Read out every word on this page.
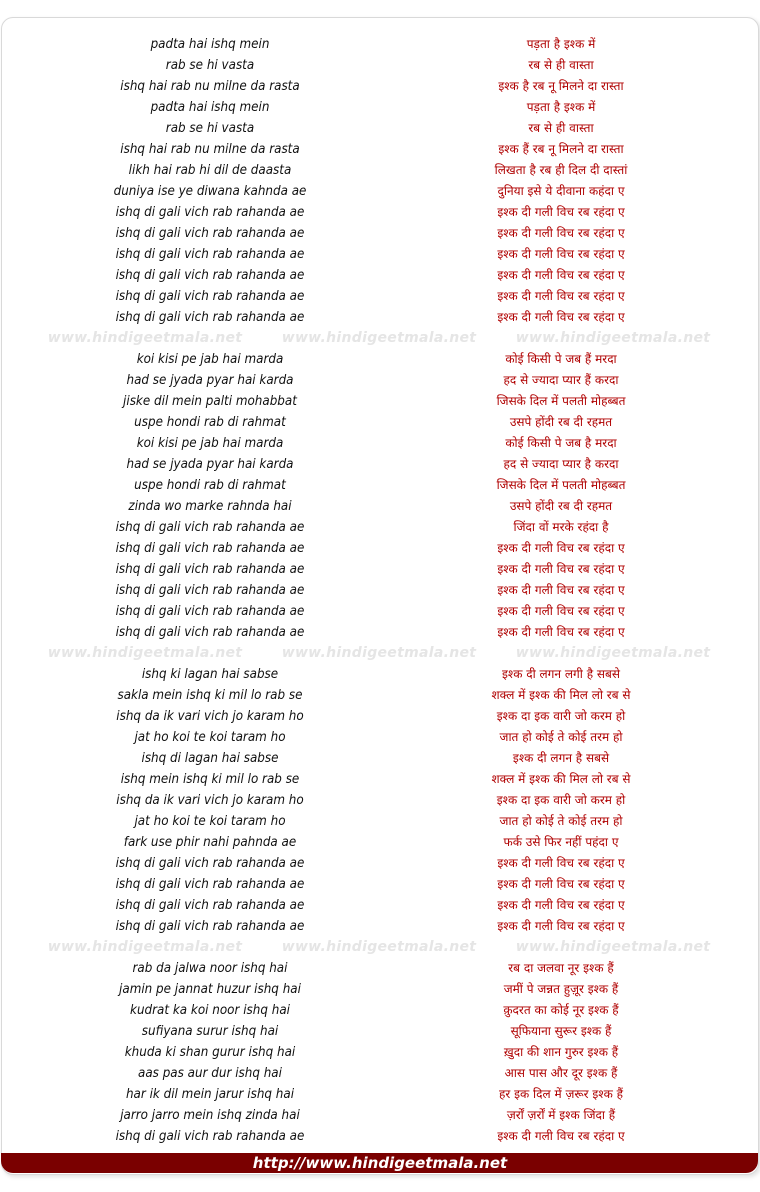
padta hai ishq mein	पड़ता है इश्क में
rab se hi vasta	रब से ही वास्ता
ishq hai rab nu milne da rasta	इश्क है रब नू मिलने दा रास्ता
padta hai ishq mein	पड़ता है इश्क में
rab se hi vasta	रब से ही वास्ता
ishq hai rab nu milne da rasta	इश्क हैं रब नू मिलने दा रास्ता
likh hai rab hi dil de daasta	लिखता है रब ही दिल दी दास्तां
duniya ise ye diwana kahnda ae	दुनिया इसे ये दीवाना कहंदा ए
ishq di gali vich rab rahanda ae	इश्क दी गली विच रब रहंदा ए
ishq di gali vich rab rahanda ae	इश्क दी गली विच रब रहंदा ए
ishq di gali vich rab rahanda ae	इश्क दी गली विच रब रहंदा ए
ishq di gali vich rab rahanda ae	इश्क दी गली विच रब रहंदा ए
ishq di gali vich rab rahanda ae	इश्क दी गली विच रब रहंदा ए
ishq di gali vich rab rahanda ae	इश्क दी गली विच रब रहंदा ए
www.hindigeetmala.net	www.hindigeetmala.net	www.hindigeetmala.net
koi kisi pe jab hai marda	कोई किसी पे जब हैं मरदा
had se jyada pyar hai karda	हद से ज्यादा प्यार हैं करदा
jiske dil mein palti mohabbat	जिसके दिल में पलती मोहब्बत
uspe hondi rab di rahmat	उसपे होंदी रब दी रहमत
koi kisi pe jab hai marda	कोई किसी पे जब है मरदा
had se jyada pyar hai karda	हद से ज्यादा प्यार है करदा
uspe hondi rab di rahmat	जिसके दिल में पलती मोहब्बत
zinda wo marke rahnda hai	उसपे होंदी रब दी रहमत
ishq di gali vich rab rahanda ae	जिंदा वों मरके रहंदा है
ishq di gali vich rab rahanda ae	इश्क दी गली विच रब रहंदा ए
ishq di gali vich rab rahanda ae	इश्क दी गली विच रब रहंदा ए
ishq di gali vich rab rahanda ae	इश्क दी गली विच रब रहंदा ए
ishq di gali vich rab rahanda ae	इश्क दी गली विच रब रहंदा ए
ishq di gali vich rab rahanda ae	इश्क दी गली विच रब रहंदा ए
www.hindigeetmala.net	www.hindigeetmala.net	www.hindigeetmala.net
ishq ki lagan hai sabse	इश्क दी लगन लगी है सबसे
sakla mein ishq ki mil lo rab se	शक्ल में इश्क की मिल लो रब से
ishq da ik vari vich jo karam ho	इश्क दा इक वारी जो करम हो
jat ho koi te koi taram ho	जात हो कोई ते कोई तरम हो
ishq di lagan hai sabse	इश्क दी लगन है सबसे
ishq mein ishq ki mil lo rab se	शक्ल में इश्क की मिल लो रब से
ishq da ik vari vich jo karam ho	इश्क दा इक वारी जो करम हो
jat ho koi te koi taram ho	जात हो कोई ते कोई तरम हो
fark use phir nahi pahnda ae	फर्क उसे फिर नहीं पहंदा ए
ishq di gali vich rab rahanda ae	इश्क दी गली विच रब रहंदा ए
ishq di gali vich rab rahanda ae	इश्क दी गली विच रब रहंदा ए
ishq di gali vich rab rahanda ae	इश्क दी गली विच रब रहंदा ए
ishq di gali vich rab rahanda ae	इश्क दी गली विच रब रहंदा ए
www.hindigeetmala.net	www.hindigeetmala.net	www.hindigeetmala.net
rab da jalwa noor ishq hai	रब दा जलवा नूर इश्क हैं
jamin pe jannat huzur ishq hai	जमीं पे जन्नत हुज़ूर इश्क हैं
kudrat ka koi noor ishq hai	क़ुदरत का कोई नूर इश्क हैं
sufiyana surur ishq hai	सूफियाना सुरूर इश्क हैं
khuda ki shan gurur ishq hai	ख़ुदा की शान गुरुर इश्क हैं
aas pas aur dur ishq hai	आस पास और दूर इश्क हैं
har ik dil mein jarur ishq hai	हर इक दिल में ज़रूर इश्क हैं
jarro jarro mein ishq zinda hai	ज़र्रों ज़र्रों में इश्क जिंदा हैं
ishq di gali vich rab rahanda ae	इश्क दी गली विच रब रहंदा ए
http://www.hindigeetmala.net
